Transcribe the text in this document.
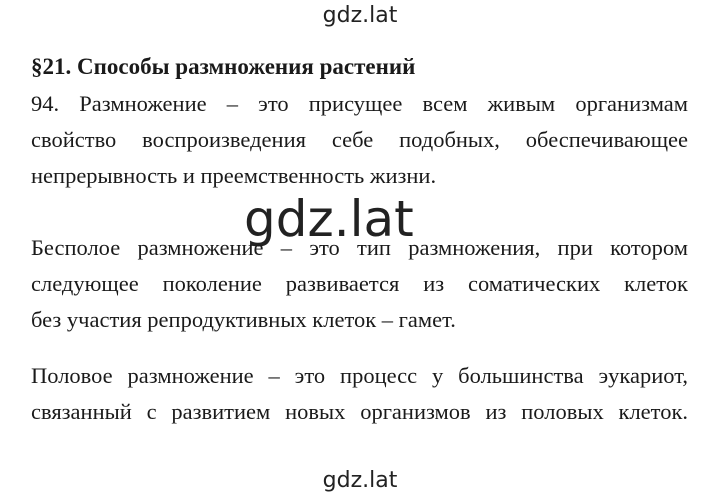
gdz.lat
§21. Способы размножения растений
94. Размножение – это присущее всем живым организмам
свойство воспроизведения себе подобных, обеспечивающее
непрерывность и преемственность жизни.
gdz.lat
Бесполое размножение – это тип размножения, при котором
следующее поколение развивается из соматических клеток
без участия репродуктивных клеток – гамет.
Половое размножение – это процесс у большинства эукариот,
связанный с развитием новых организмов из половых клеток.
gdz.lat
